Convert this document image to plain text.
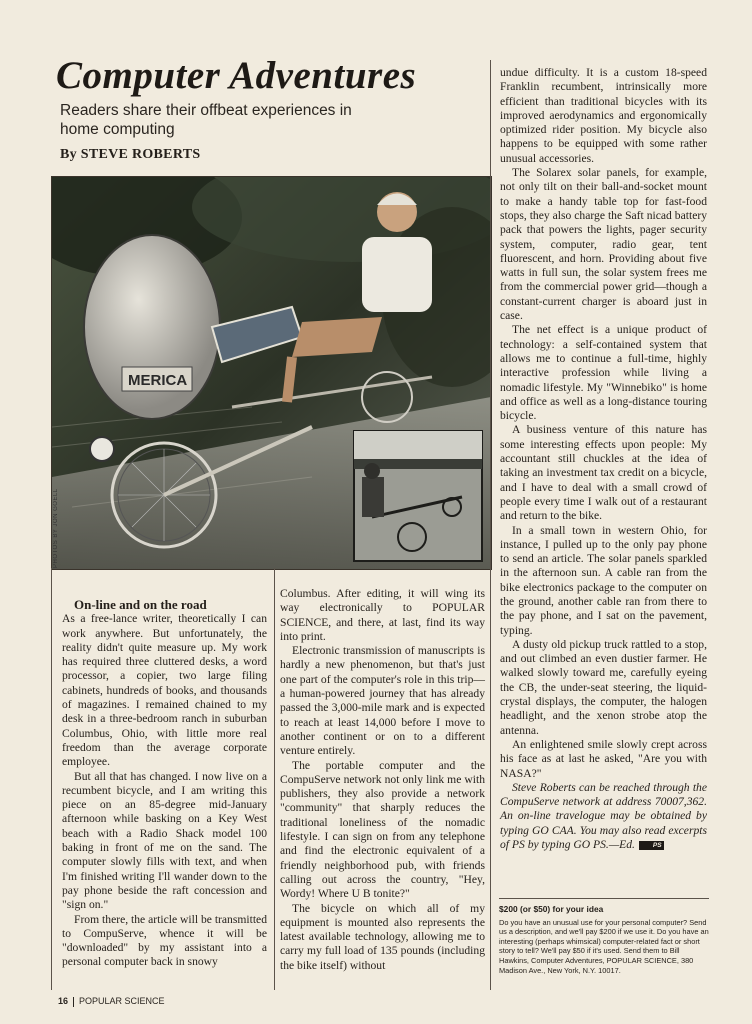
Computer Adventures
Readers share their offbeat experiences in home computing
By STEVE ROBERTS
MERICA
PHOTOS BY JON GOELL

On-line and on the road

As a free-lance writer, theoretically I can work anywhere. But unfortunately, the reality didn't quite measure up. My work has required three cluttered desks, a word processor, a copier, two large filing cabinets, hundreds of books, and thousands of magazines. I remained chained to my desk in a three-bedroom ranch in suburban Columbus, Ohio, with little more real freedom than the average corporate employee.

But all that has changed. I now live on a recumbent bicycle, and I am writing this piece on an 85-degree mid-January afternoon while basking on a Key West beach with a Radio Shack model 100 baking in front of me on the sand. The computer slowly fills with text, and when I'm finished writing I'll wander down to the pay phone beside the raft concession and "sign on."

From there, the article will be transmitted to CompuServe, whence it will be "downloaded" by my assistant into a personal computer back in snowy

Columbus. After editing, it will wing its way electronically to POPULAR SCIENCE, and there, at last, find its way into print.

Electronic transmission of manuscripts is hardly a new phenomenon, but that's just one part of the computer's role in this trip—a human-powered journey that has already passed the 3,000-mile mark and is expected to reach at least 14,000 before I move to another continent or on to a different venture entirely.

The portable computer and the CompuServe network not only link me with publishers, they also provide a network "community" that sharply reduces the traditional loneliness of the nomadic lifestyle. I can sign on from any telephone and find the electronic equivalent of a friendly neighborhood pub, with friends calling out across the country, "Hey, Wordy! Where U B tonite?"

The bicycle on which all of my equipment is mounted also represents the latest available technology, allowing me to carry my full load of 135 pounds (including the bike itself) without

undue difficulty. It is a custom 18-speed Franklin recumbent, intrinsically more efficient than traditional bicycles with its improved aerodynamics and ergonomically optimized rider position. My bicycle also happens to be equipped with some rather unusual accessories.

The Solarex solar panels, for example, not only tilt on their ball-and-socket mount to make a handy table top for fast-food stops, they also charge the Saft nicad battery pack that powers the lights, pager security system, computer, radio gear, tent fluorescent, and horn. Providing about five watts in full sun, the solar system frees me from the commercial power grid—though a constant-current charger is aboard just in case.

The net effect is a unique product of technology: a self-contained system that allows me to continue a full-time, highly interactive profession while living a nomadic lifestyle. My "Winnebiko" is home and office as well as a long-distance touring bicycle.

A business venture of this nature has some interesting effects upon people: My accountant still chuckles at the idea of taking an investment tax credit on a bicycle, and I have to deal with a small crowd of people every time I walk out of a restaurant and return to the bike.

In a small town in western Ohio, for instance, I pulled up to the only pay phone to send an article. The solar panels sparkled in the afternoon sun. A cable ran from the bike electronics package to the computer on the ground, another cable ran from there to the pay phone, and I sat on the pavement, typing.

A dusty old pickup truck rattled to a stop, and out climbed an even dustier farmer. He walked slowly toward me, carefully eyeing the CB, the under-seat steering, the liquid-crystal displays, the computer, the halogen headlight, and the xenon strobe atop the antenna.

An enlightened smile slowly crept across his face as at last he asked, "Are you with NASA?"

Steve Roberts can be reached through the CompuServe network at address 70007,362. An on-line travelogue may be obtained by typing GO CAA. You may also read excerpts of PS by typing GO PS.—Ed.	PS

$200 (or $50) for your idea
Do you have an unusual use for your personal computer? Send us a description, and we'll pay $200 if we use it. Do you have an interesting (perhaps whimsical) computer-related fact or short story to tell? We'll pay $50 if it's used. Send them to Bill Hawkins, Computer Adventures, POPULAR SCIENCE, 380 Madison Ave., New York, N.Y. 10017.
16 POPULAR SCIENCE
